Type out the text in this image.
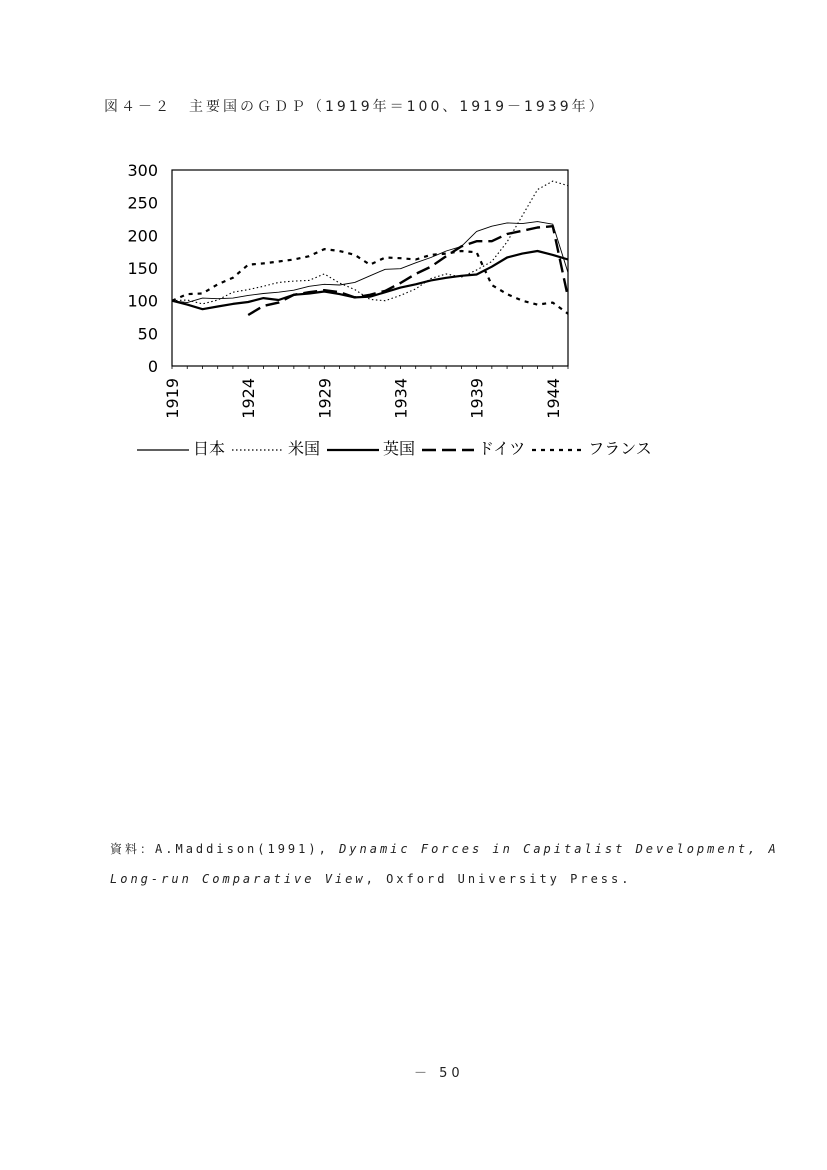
図４－２　主要国のＧＤＰ（1919年＝100、1919－1939年）
0
50
100
150
200
250
300
1919	1924	1929	1934	1939	1944
日本	米国	英国	ドイツ	フランス
資料：A.Maddison(1991), Dynamic Forces in Capitalist Development, A Long-run Comparative View, Oxford University Press.
－ 50
